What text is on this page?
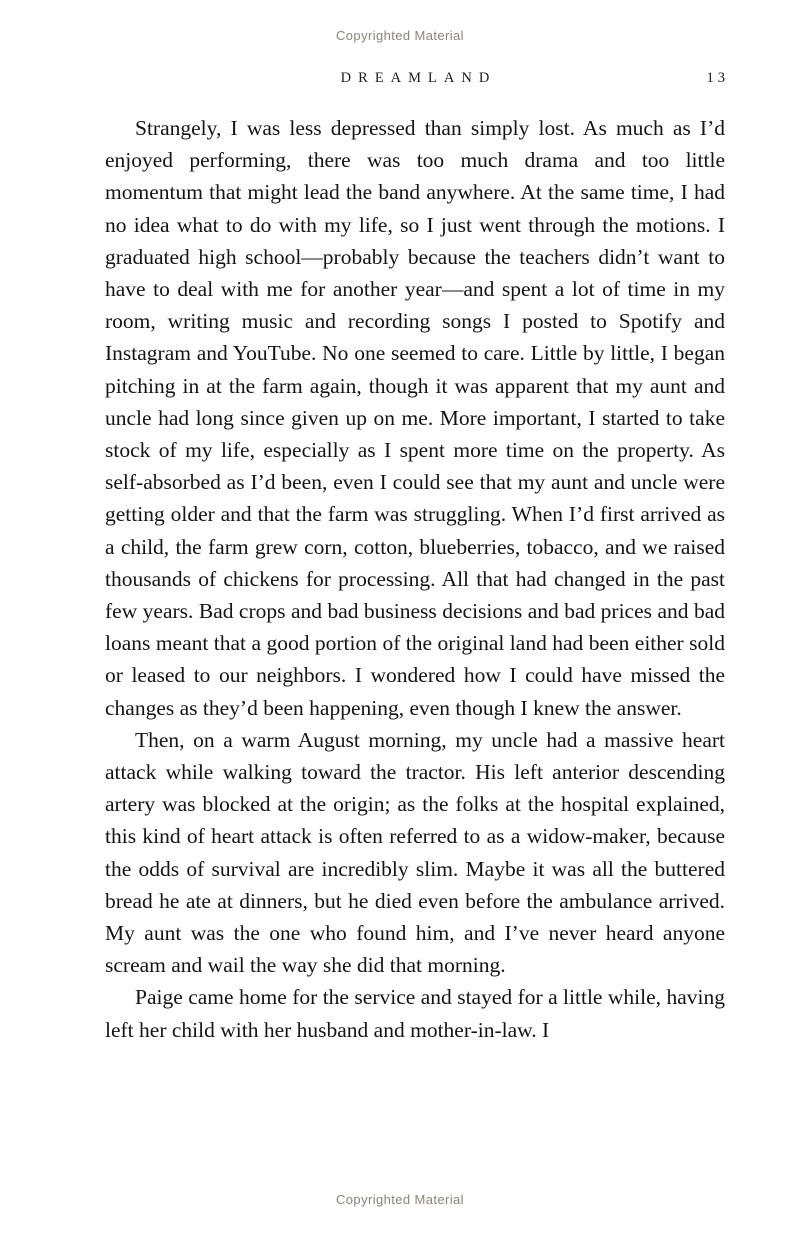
Copyrighted Material
DREAMLAND	13

Strangely, I was less depressed than simply lost. As much as I’d enjoyed performing, there was too much drama and too little momentum that might lead the band anywhere. At the same time, I had no idea what to do with my life, so I just went through the motions. I graduated high school—probably because the teachers didn’t want to have to deal with me for another year—and spent a lot of time in my room, writing music and recording songs I posted to Spotify and Instagram and YouTube. No one seemed to care. Little by little, I began pitching in at the farm again, though it was apparent that my aunt and uncle had long since given up on me. More important, I started to take stock of my life, especially as I spent more time on the property. As self-absorbed as I’d been, even I could see that my aunt and uncle were getting older and that the farm was struggling. When I’d first arrived as a child, the farm grew corn, cotton, blueberries, tobacco, and we raised thousands of chickens for processing. All that had changed in the past few years. Bad crops and bad business decisions and bad prices and bad loans meant that a good portion of the original land had been either sold or leased to our neighbors. I wondered how I could have missed the changes as they’d been happening, even though I knew the answer.

Then, on a warm August morning, my uncle had a massive heart attack while walking toward the tractor. His left anterior descending artery was blocked at the origin; as the folks at the hospital explained, this kind of heart attack is often referred to as a widow-maker, because the odds of survival are incredibly slim. Maybe it was all the buttered bread he ate at dinners, but he died even before the ambulance arrived. My aunt was the one who found him, and I’ve never heard anyone scream and wail the way she did that morning.

Paige came home for the service and stayed for a little while, having left her child with her husband and mother-in-law. I

Copyrighted Material
